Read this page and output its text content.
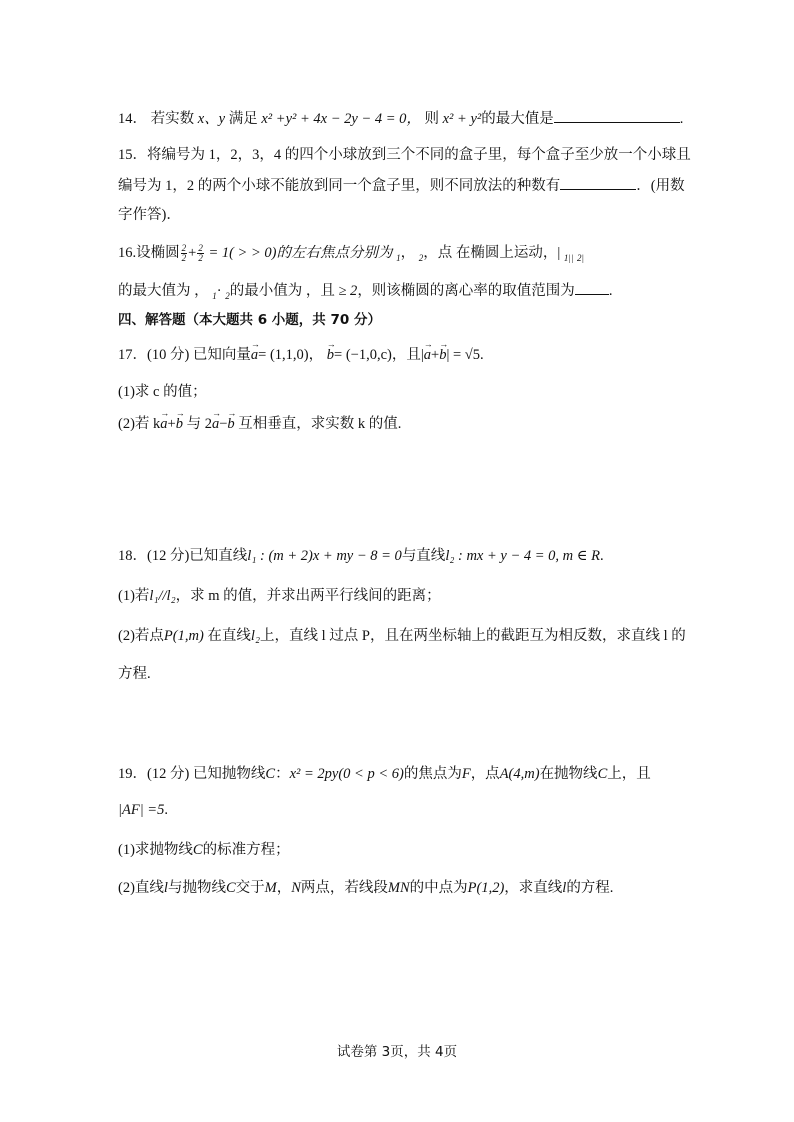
14． 若实数 x、y 满足 x² +y² + 4x − 2y − 4 = 0， 则 x² + y²的最大值是	.
15．将编号为 1，2，3，4 的四个小球放到三个不同的盒子里，每个盒子至少放一个小球且
编号为 1，2 的两个小球不能放到同一个盒子里，则不同放法的种数有	．(用数
字作答)．
16.设椭圆 $\frac{2}{2} + \frac{2}{2} = 1$( > > 0)的左右焦点分别为 $_1$， $_2$，点 在椭圆上运动，| $_{1||}$ $_{2|}$
的最大值为 ， $_1$· $_2$的最小值为 ，且 ≥ 2，则该椭圆的离心率的取值范围为 .
四、解答题（本大题共 6 小题，共 70 分）
17．(10 分) 已知向量→ a= (1,1,0)， → b= (−1,0,c)，且|→ a+→ b| = √5.
(1)求 c 的值；
(2)若 k→ a+→ b 与 2→ a−→ b 互相垂直，求实数 k 的值.
18．(12 分)已知直线l₁ : (m + 2)x + my − 8 = 0与直线l₂ : mx + y − 4 = 0, m ∈ R.
(1)若l₁//l₂，求 m 的值，并求出两平行线间的距离；
(2)若点P(1,m) 在直线l₂上，直线 l 过点 P，且在两坐标轴上的截距互为相反数，求直线 l 的
方程.
19．(12 分) 已知抛物线C：x² = 2py(0 < p < 6)的焦点为F，点A(4,m)在抛物线C上，且
|AF| =5.
(1)求抛物线C的标准方程；
(2)直线l与抛物线C交于M，N两点，若线段MN的中点为P(1,2)，求直线l的方程.
试卷第 3页，共 4页
